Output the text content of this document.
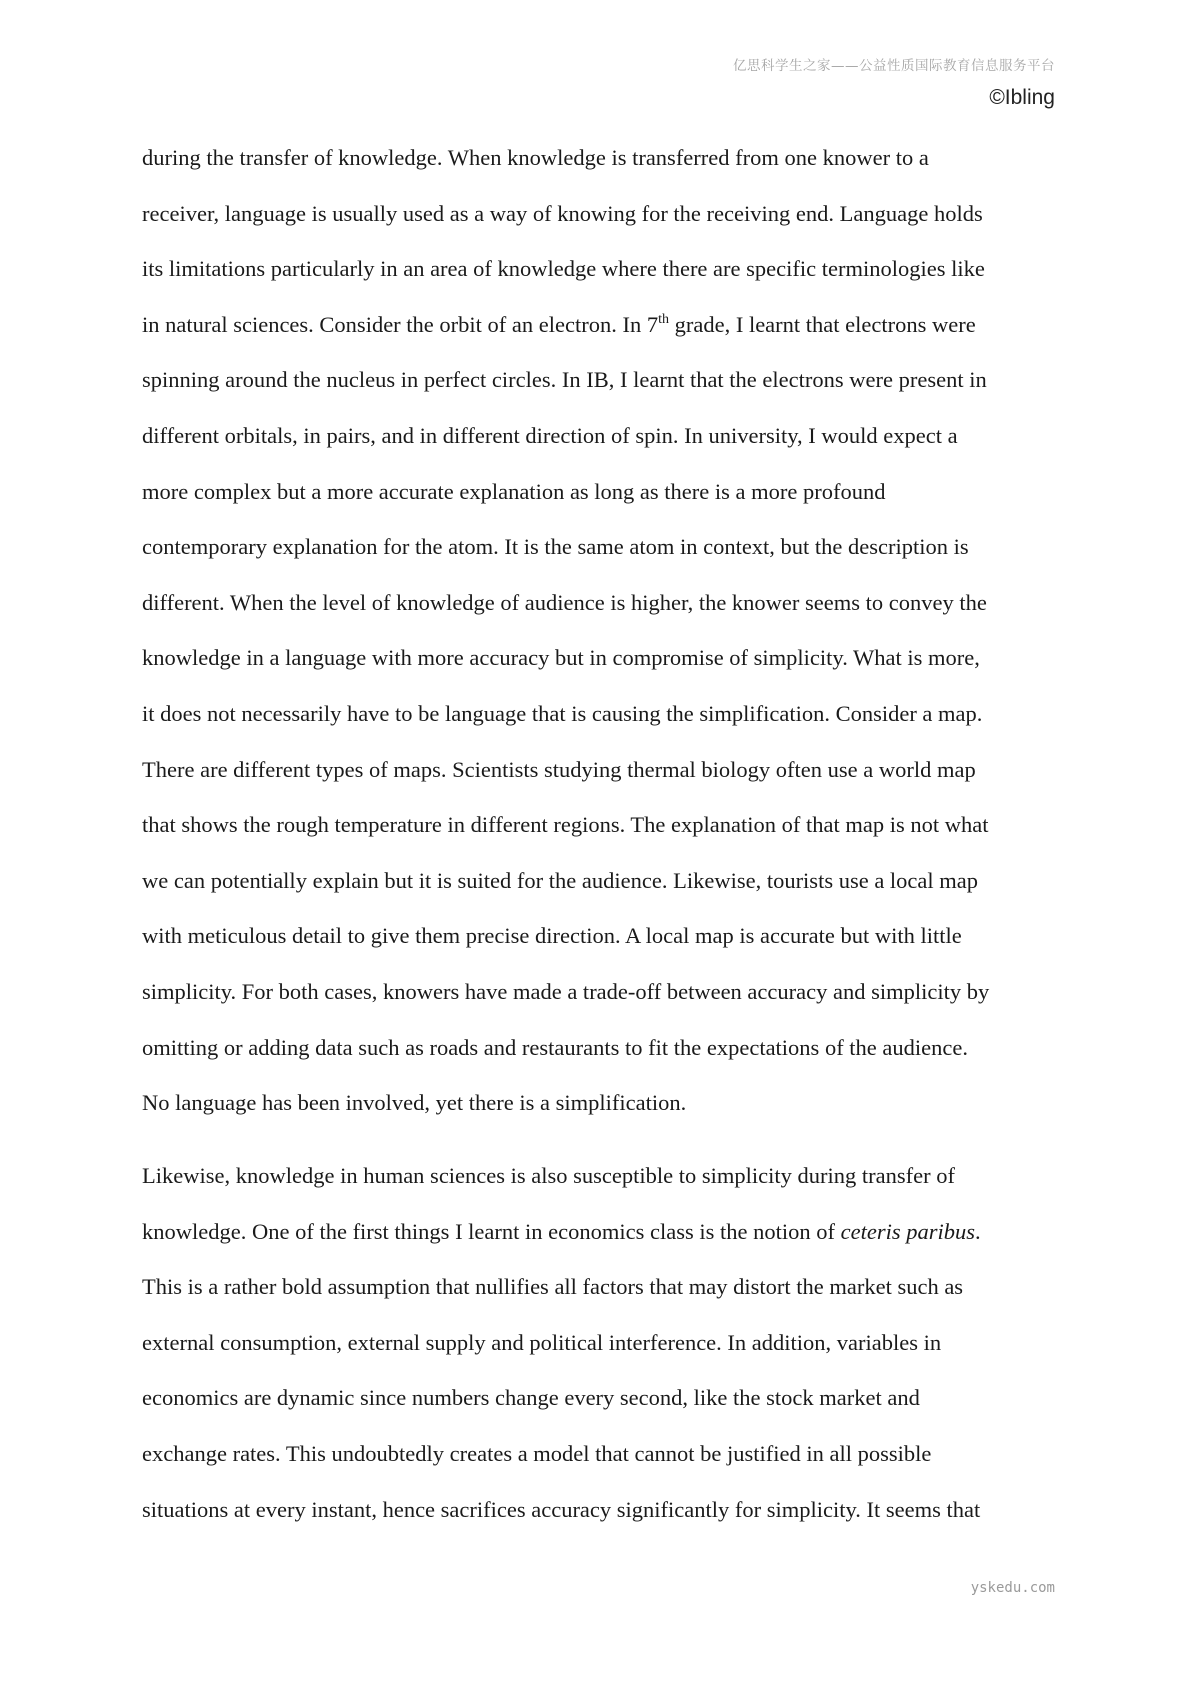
亿思科学生之家——公益性质国际教育信息服务平台
©Ibling
during the transfer of knowledge. When knowledge is transferred from one knower to a
receiver, language is usually used as a way of knowing for the receiving end. Language holds
its limitations particularly in an area of knowledge where there are specific terminologies like
in natural sciences. Consider the orbit of an electron. In 7th grade, I learnt that electrons were
spinning around the nucleus in perfect circles. In IB, I learnt that the electrons were present in
different orbitals, in pairs, and in different direction of spin. In university, I would expect a
more complex but a more accurate explanation as long as there is a more profound
contemporary explanation for the atom. It is the same atom in context, but the description is
different. When the level of knowledge of audience is higher, the knower seems to convey the
knowledge in a language with more accuracy but in compromise of simplicity. What is more,
it does not necessarily have to be language that is causing the simplification. Consider a map.
There are different types of maps. Scientists studying thermal biology often use a world map
that shows the rough temperature in different regions. The explanation of that map is not what
we can potentially explain but it is suited for the audience. Likewise, tourists use a local map
with meticulous detail to give them precise direction. A local map is accurate but with little
simplicity. For both cases, knowers have made a trade-off between accuracy and simplicity by
omitting or adding data such as roads and restaurants to fit the expectations of the audience.
No language has been involved, yet there is a simplification.
Likewise, knowledge in human sciences is also susceptible to simplicity during transfer of
knowledge. One of the first things I learnt in economics class is the notion of ceteris paribus.
This is a rather bold assumption that nullifies all factors that may distort the market such as
external consumption, external supply and political interference. In addition, variables in
economics are dynamic since numbers change every second, like the stock market and
exchange rates. This undoubtedly creates a model that cannot be justified in all possible
situations at every instant, hence sacrifices accuracy significantly for simplicity. It seems that
yskedu.com
